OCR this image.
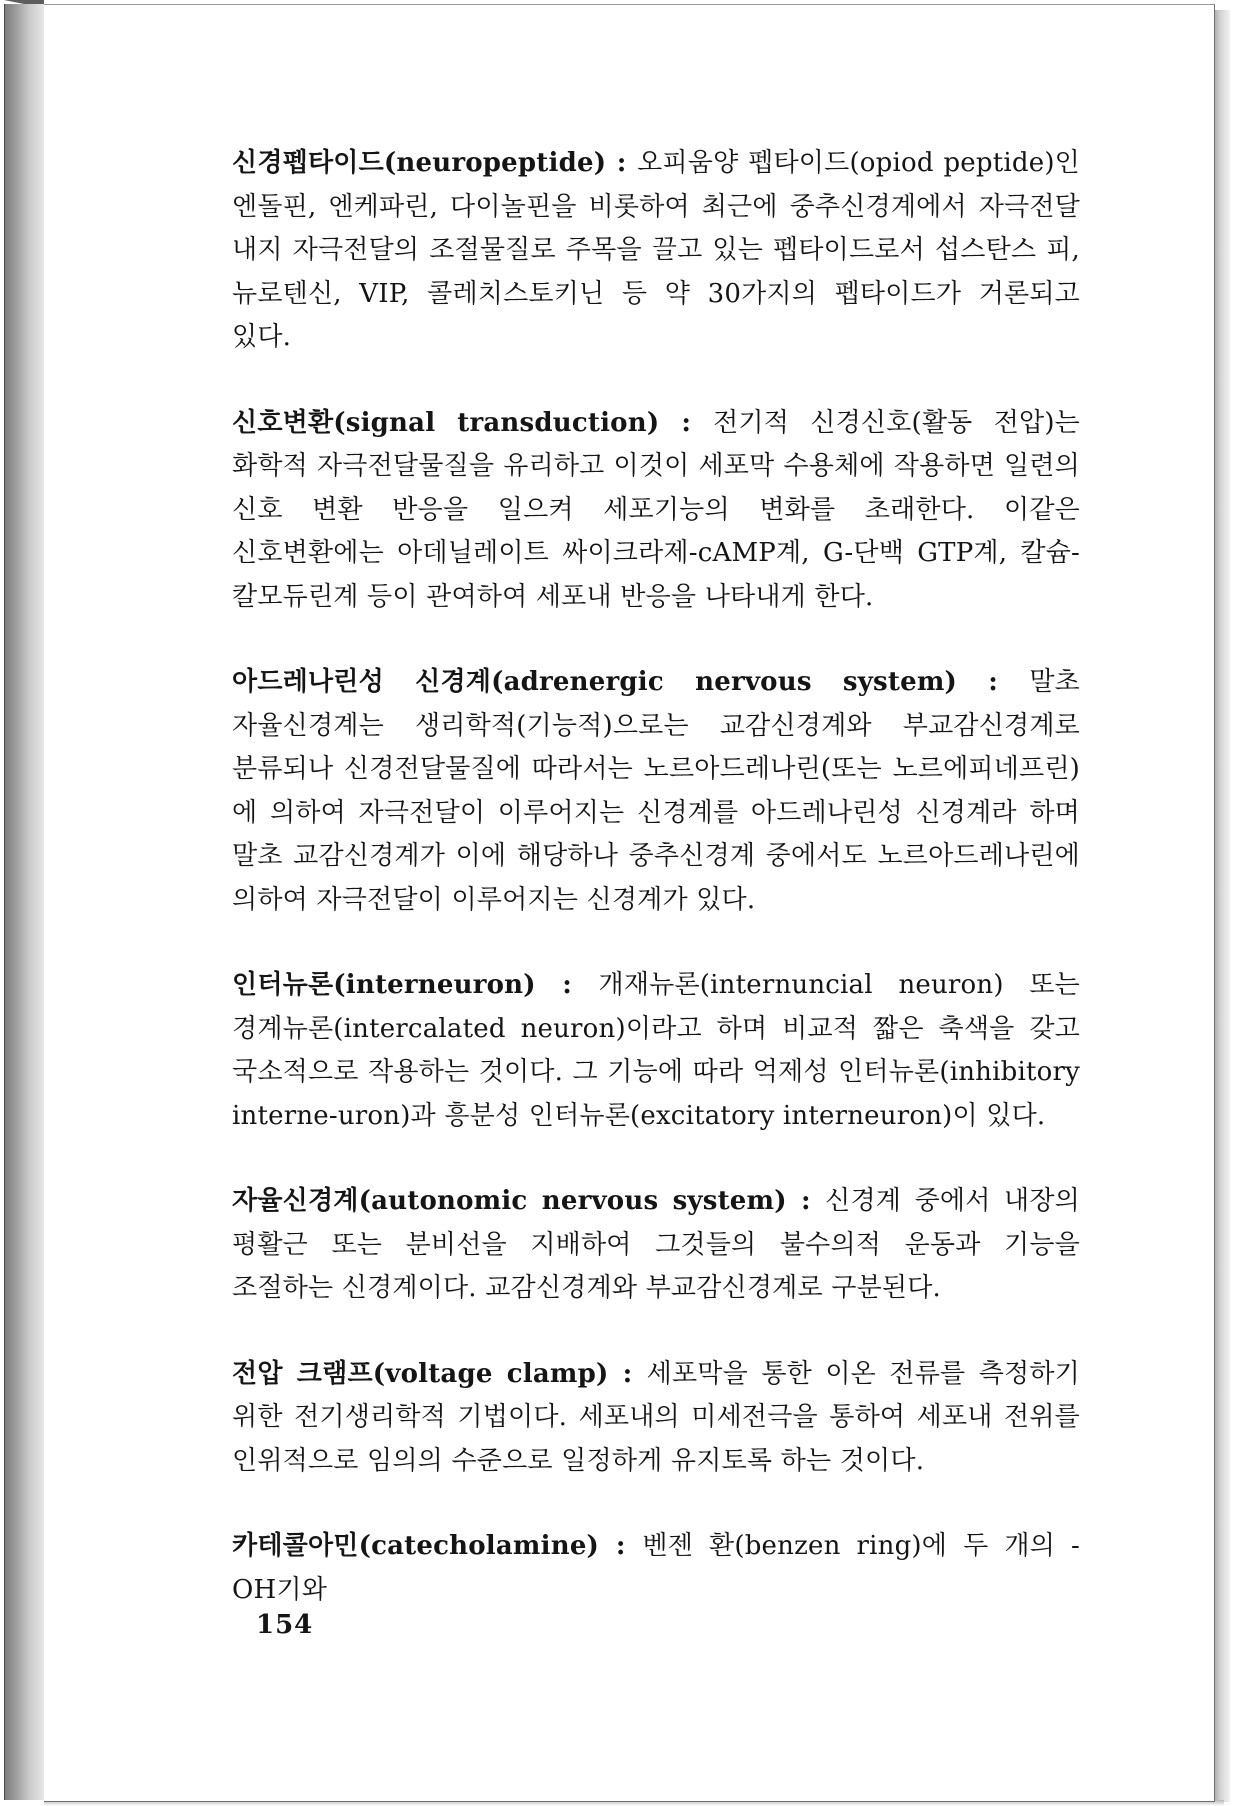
신경펩타이드(neuropeptide) : 오피움양 펩타이드(opiod peptide)인 엔돌핀, 엔케파린, 다이놀핀을 비롯하여 최근에 중추신경계에서 자극전달 내지 자극전달의 조절물질로 주목을 끌고 있는 펩타이드로서 섭스탄스 피, 뉴로텐신, VIP, 콜레치스토키닌 등 약 30가지의 펩타이드가 거론되고 있다.

신호변환(signal transduction) : 전기적 신경신호(활동 전압)는 화학적 자극전달물질을 유리하고 이것이 세포막 수용체에 작용하면 일련의 신호 변환 반응을 일으켜 세포기능의 변화를 초래한다. 이같은 신호변환에는 아데닐레이트 싸이크라제-cAMP계, G-단백 GTP계, 칼슘-칼모듀린계 등이 관여하여 세포내 반응을 나타내게 한다.

아드레나린성 신경계(adrenergic nervous system) : 말초 자율신경계는 생리학적(기능적)으로는 교감신경계와 부교감신경계로 분류되나 신경전달물질에 따라서는 노르아드레나린(또는 노르에피네프린)에 의하여 자극전달이 이루어지는 신경계를 아드레나린성 신경계라 하며 말초 교감신경계가 이에 해당하나 중추신경계 중에서도 노르아드레나린에 의하여 자극전달이 이루어지는 신경계가 있다.

인터뉴론(interneuron) : 개재뉴론(internuncial neuron) 또는 경계뉴론(intercalated neuron)이라고 하며 비교적 짧은 축색을 갖고 국소적으로 작용하는 것이다. 그 기능에 따라 억제성 인터뉴론(inhibitory interne-uron)과 흥분성 인터뉴론(excitatory interneuron)이 있다.

자율신경계(autonomic nervous system) : 신경계 중에서 내장의 평활근 또는 분비선을 지배하여 그것들의 불수의적 운동과 기능을 조절하는 신경계이다. 교감신경계와 부교감신경계로 구분된다.

전압 크램프(voltage clamp) : 세포막을 통한 이온 전류를 측정하기 위한 전기생리학적 기법이다. 세포내의 미세전극을 통하여 세포내 전위를 인위적으로 임의의 수준으로 일정하게 유지토록 하는 것이다.

카테콜아민(catecholamine) : 벤젠 환(benzen ring)에 두 개의 -OH기와

154
